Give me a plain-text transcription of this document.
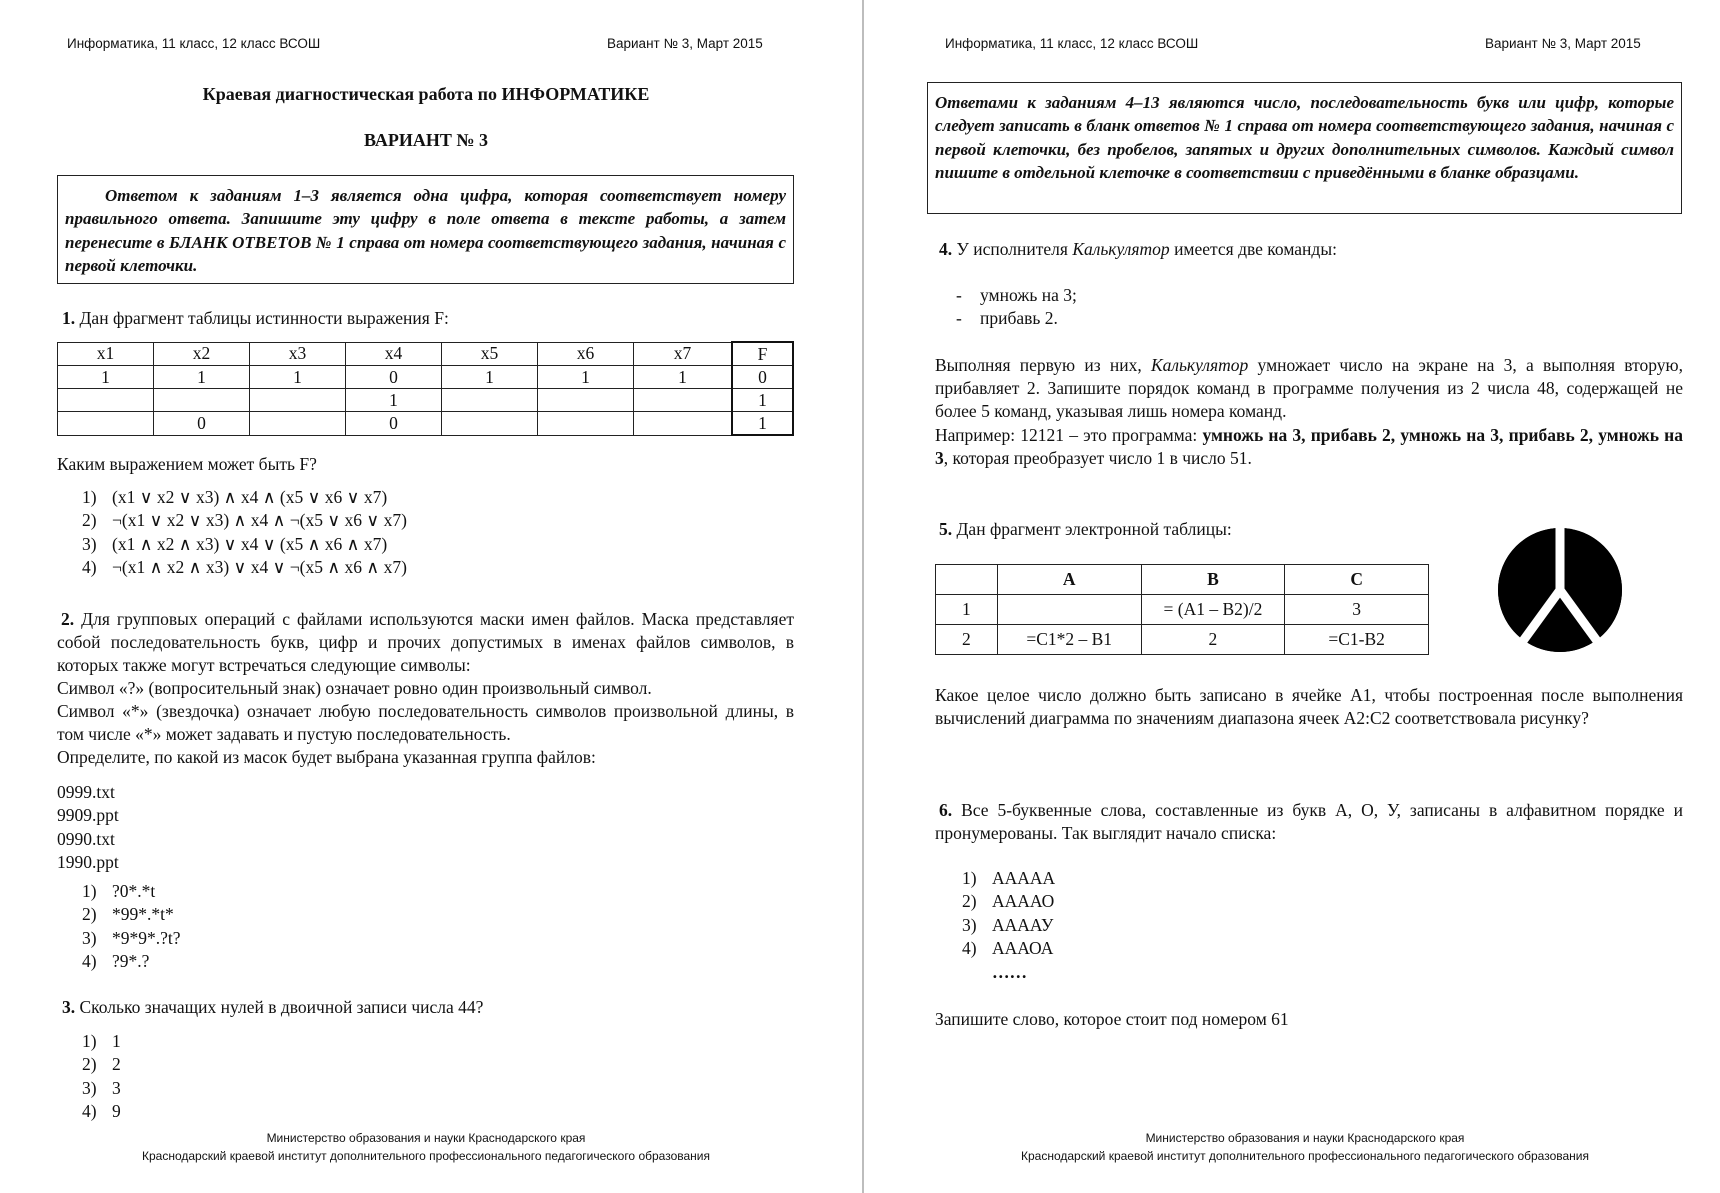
Информатика, 11 класс, 12 класс ВСОШ	Вариант № 3, Март 2015
Краевая диагностическая работа по ИНФОРМАТИКЕ
ВАРИАНТ № 3
Ответом к заданиям 1–3 является одна цифра, которая соответствует номеру правильного ответа. Запишите эту цифру в поле ответа в тексте работы, а затем перенесите в БЛАНК ОТВЕТОВ № 1 справа от номера соответствующего задания, начиная с первой клеточки.
1. Дан фрагмент таблицы истинности выражения F:
x1	x2	x3	x4	x5	x6	x7	F
1	1	1	0	1	1	1	0
			1				1
	0		0				1
Каким выражением может быть F?
1) (x1 ∨ x2 ∨ x3) ∧ x4 ∧ (x5 ∨ x6 ∨ x7)
2) ¬(x1 ∨ x2 ∨ x3) ∧ x4 ∧ ¬(x5 ∨ x6 ∨ x7)
3) (x1 ∧ x2 ∧ x3) ∨ x4 ∨ (x5 ∧ x6 ∧ x7)
4) ¬(x1 ∧ x2 ∧ x3) ∨ x4 ∨ ¬(x5 ∧ x6 ∧ x7)
2. Для групповых операций с файлами используются маски имен файлов. Маска представляет собой последовательность букв, цифр и прочих допустимых в именах файлов символов, в которых также могут встречаться следующие символы:
Символ «?» (вопросительный знак) означает ровно один произвольный символ.
Символ «*» (звездочка) означает любую последовательность символов произвольной длины, в том числе «*» может задавать и пустую последовательность.
Определите, по какой из масок будет выбрана указанная группа файлов:
0999.txt
9909.ppt
0990.txt
1990.ppt
1) ?0*.*t
2) *99*.*t*
3) *9*9*.?t?
4) ?9*.?
3. Сколько значащих нулей в двоичной записи числа 44?
1) 1
2) 2
3) 3
4) 9
Министерство образования и науки Краснодарского края
Краснодарский краевой институт дополнительного профессионального педагогического образования
Информатика, 11 класс, 12 класс ВСОШ	Вариант № 3, Март 2015
Ответами к заданиям 4–13 являются число, последовательность букв или цифр, которые следует записать в бланк ответов № 1 справа от номера соответствующего задания, начиная с первой клеточки, без пробелов, запятых и других дополнительных символов. Каждый символ пишите в отдельной клеточке в соответствии с приведёнными в бланке образцами.
4. У исполнителя Калькулятор имеется две команды:
- умножь на 3;
- прибавь 2.
Выполняя первую из них, Калькулятор умножает число на экране на 3, а выполняя вторую, прибавляет 2. Запишите порядок команд в программе получения из 2 числа 48, содержащей не более 5 команд, указывая лишь номера команд.
Например: 12121 – это программа: умножь на 3, прибавь 2, умножь на 3, прибавь 2, умножь на 3, которая преобразует число 1 в число 51.
5. Дан фрагмент электронной таблицы:
	A	B	C
1		= (A1 – B2)/2	3
2	=C1*2 – B1	2	=C1-B2
Какое целое число должно быть записано в ячейке A1, чтобы построенная после выполнения вычислений диаграмма по значениям диапазона ячеек A2:C2 соответствовала рисунку?
6. Все 5-буквенные слова, составленные из букв А, О, У, записаны в алфавитном порядке и пронумерованы. Так выглядит начало списка:
1) ААААА
2) ААААО
3) ААААУ
4) АААОА
……
Запишите слово, которое стоит под номером 61
Министерство образования и науки Краснодарского края
Краснодарский краевой институт дополнительного профессионального педагогического образования
